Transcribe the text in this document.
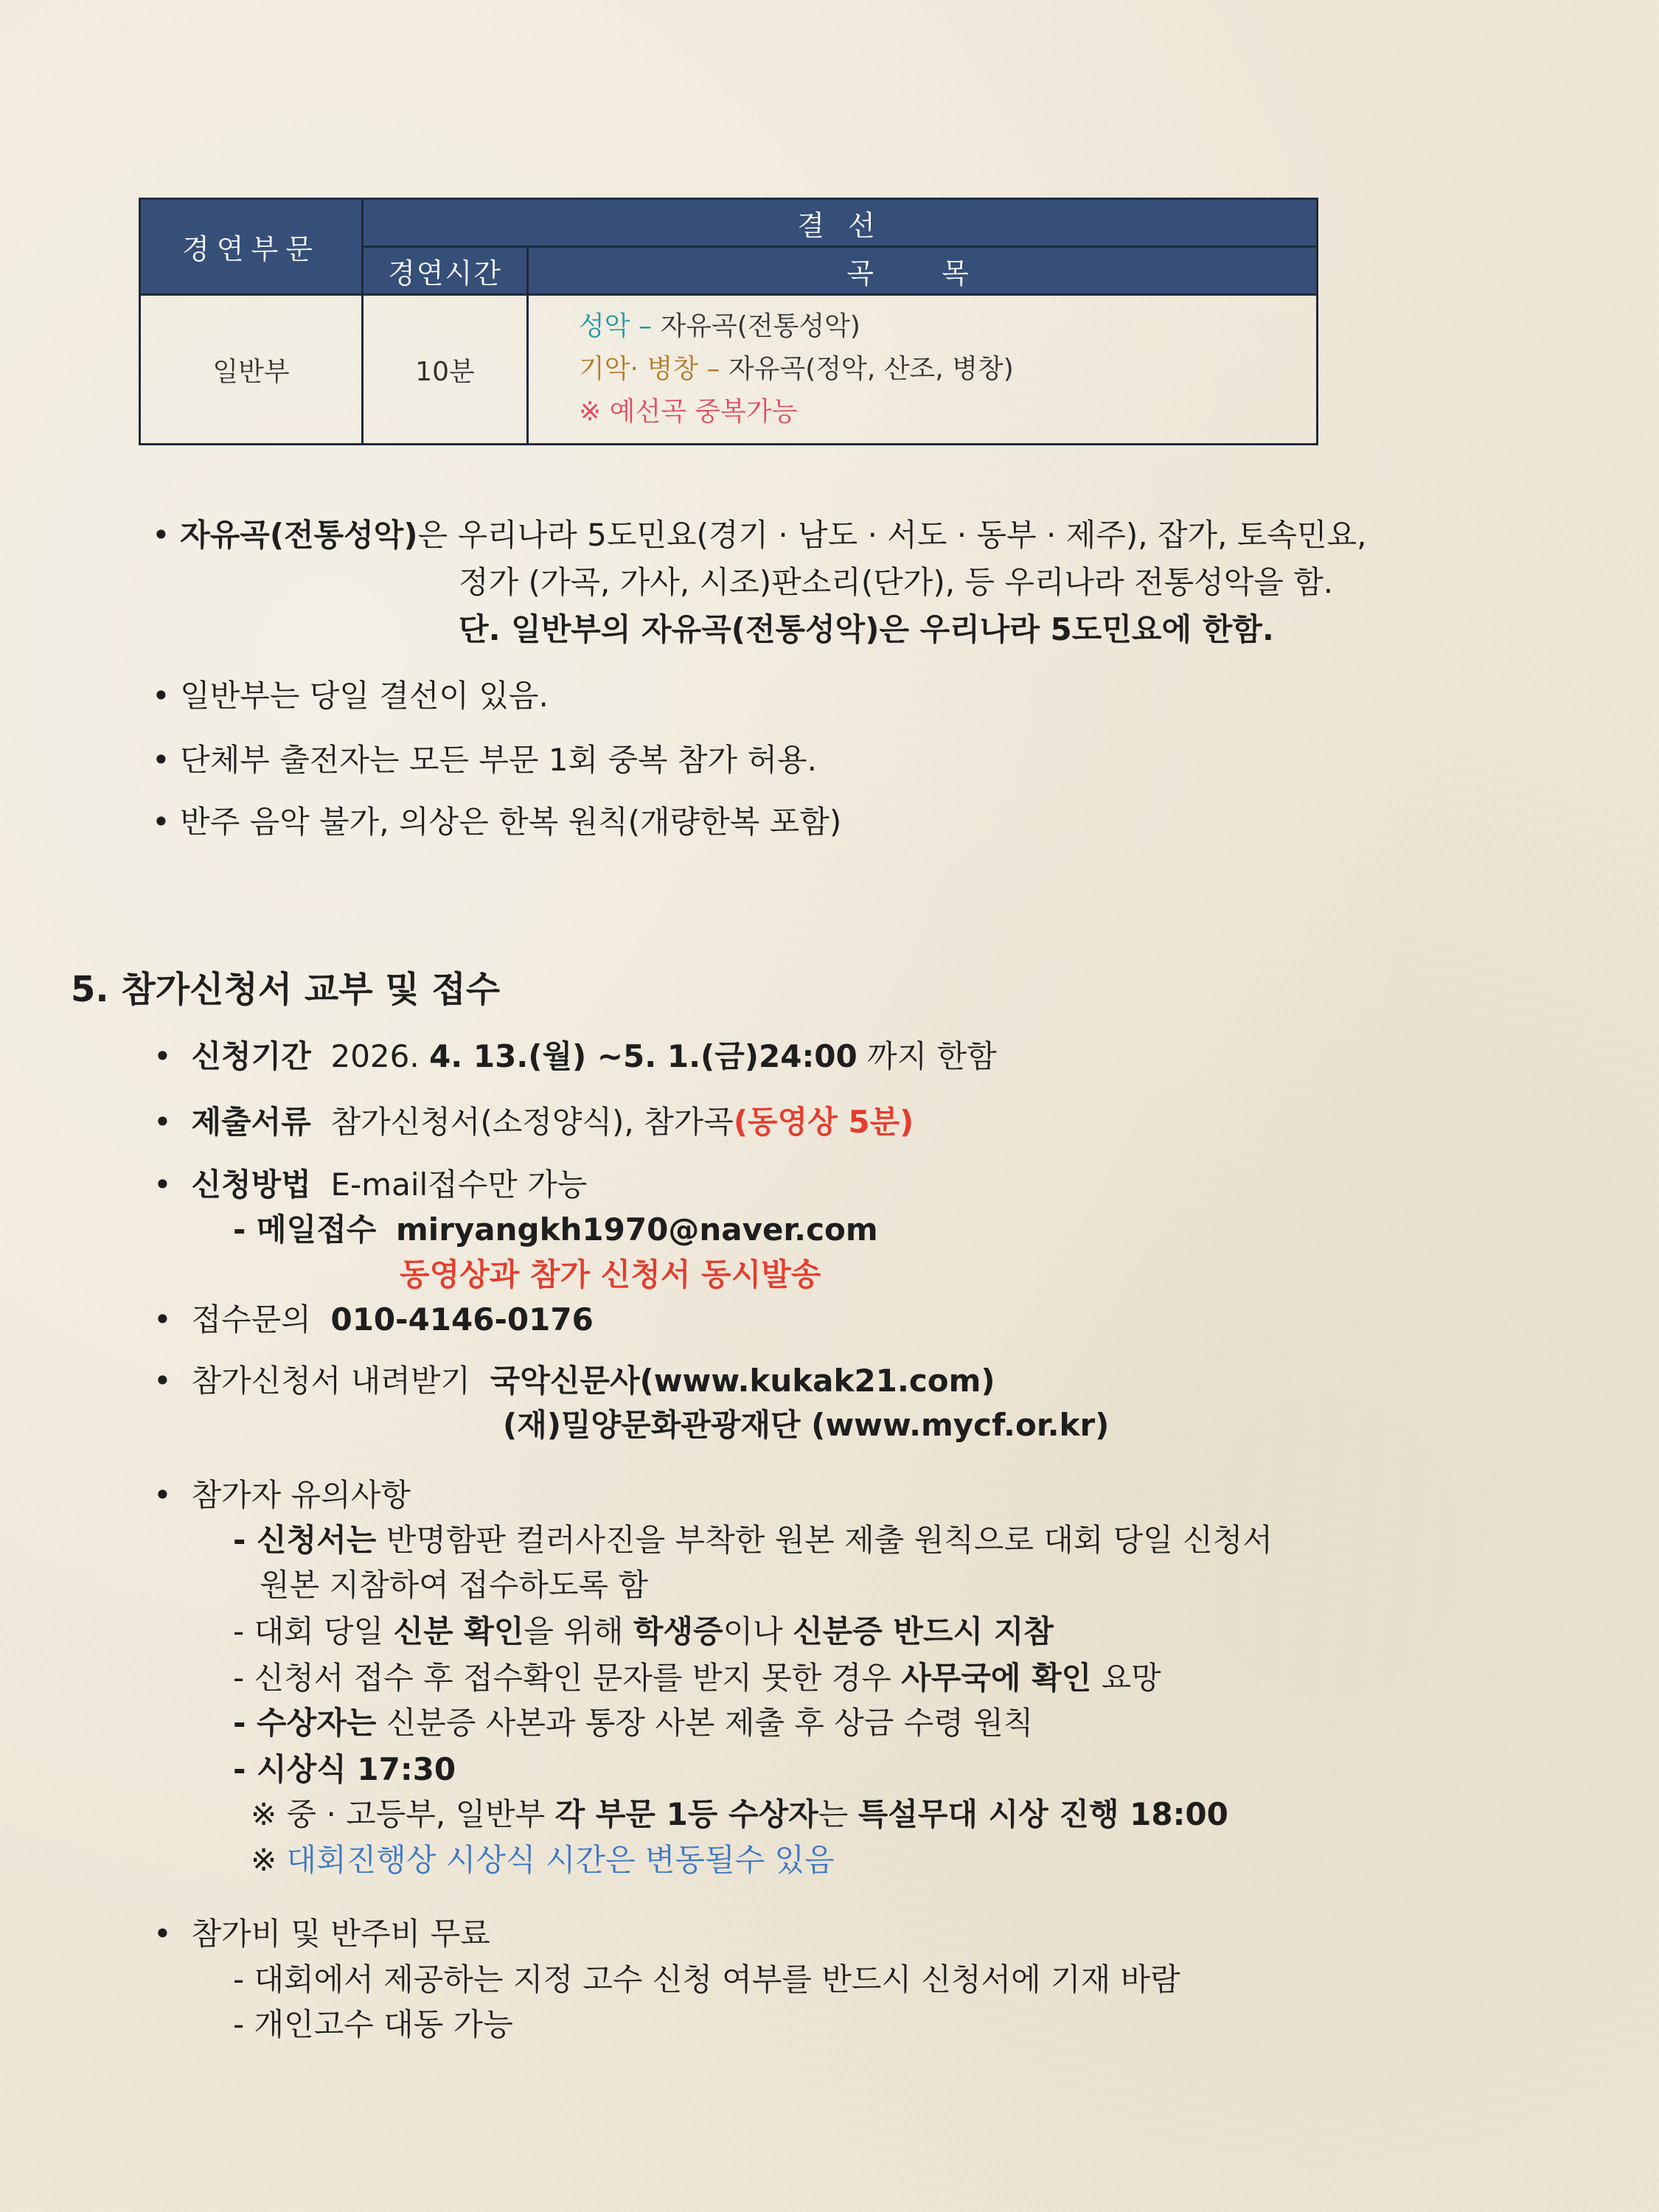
경연부문	결 선	
	경연시간	곡 목
일반부	10분	성악 – 자유곡(전통성악)
기악· 병창 – 자유곡(정악, 산조, 병창)
※ 예선곡 중복가능
• 자유곡(전통성악)은 우리나라 5도민요(경기 · 남도 · 서도 · 동부 · 제주), 잡가, 토속민요,
정가 (가곡, 가사, 시조)판소리(단가), 등 우리나라 전통성악을 함.
단. 일반부의 자유곡(전통성악)은 우리나라 5도민요에 한함.
• 일반부는 당일 결선이 있음.
• 단체부 출전자는 모든 부문 1회 중복 참가 허용.
• 반주 음악 불가, 의상은 한복 원칙(개량한복 포함)
5. 참가신청서 교부 및 접수
•  신청기간 2026. 4. 13.(월) ~5. 1.(금)24:00 까지 한함
•  제출서류 참가신청서(소정양식), 참가곡(동영상 5분)
•  신청방법 E-mail접수만 가능
- 메일접수 miryangkh1970@naver.com
동영상과 참가 신청서 동시발송
•  접수문의 010-4146-0176
•  참가신청서 내려받기 국악신문사(www.kukak21.com)
(재)밀양문화관광재단 (www.mycf.or.kr)
•  참가자 유의사항
- 신청서는 반명함판 컬러사진을 부착한 원본 제출 원칙으로 대회 당일 신청서
원본 지참하여 접수하도록 함
- 대회 당일 신분 확인을 위해 학생증이나 신분증 반드시 지참
- 신청서 접수 후 접수확인 문자를 받지 못한 경우 사무국에 확인 요망
- 수상자는 신분증 사본과 통장 사본 제출 후 상금 수령 원칙
- 시상식 17:30
※ 중 · 고등부, 일반부 각 부문 1등 수상자는 특설무대 시상 진행 18:00
※ 대회진행상 시상식 시간은 변동될수 있음
•  참가비 및 반주비 무료
- 대회에서 제공하는 지정 고수 신청 여부를 반드시 신청서에 기재 바람
- 개인고수 대동 가능
